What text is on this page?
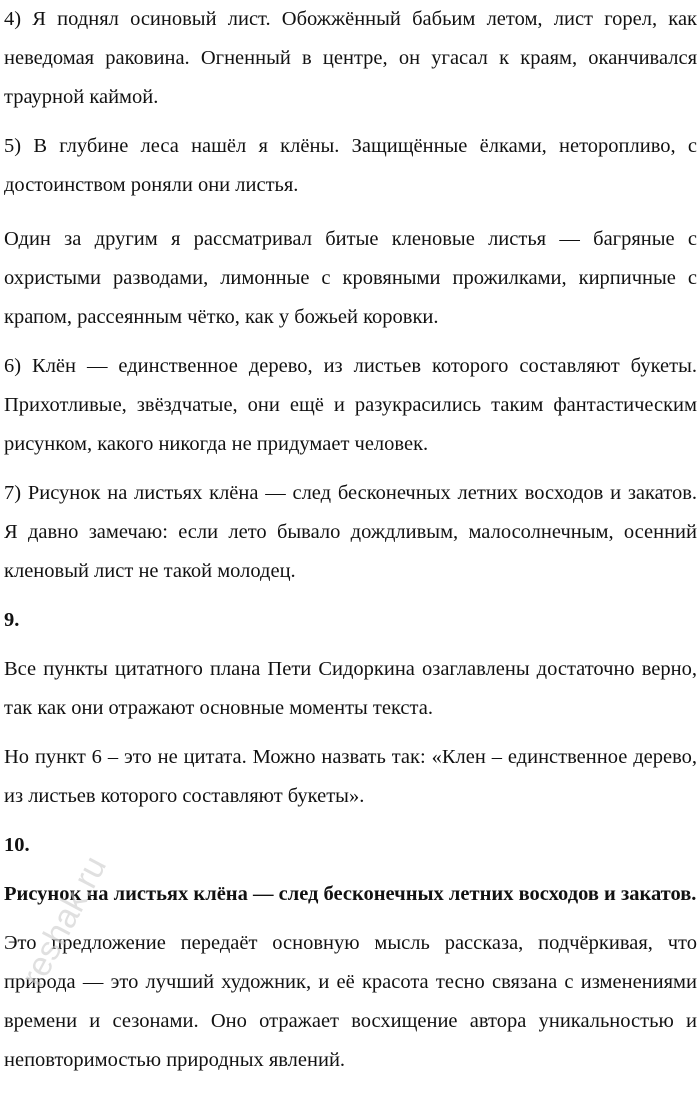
4) Я поднял осиновый лист. Обожжённый бабьим летом, лист горел, как неведомая раковина. Огненный в центре, он угасал к краям, оканчивался траурной каймой.

5) В глубине леса нашёл я клёны. Защищённые ёлками, неторопливо, с достоинством роняли они листья.

Один за другим я рассматривал битые кленовые листья — багряные с охристыми разводами, лимонные с кровяными прожилками, кирпичные с крапом, рассеянным чётко, как у божьей коровки.

6) Клён — единственное дерево, из листьев которого составляют букеты. Прихотливые, звёздчатые, они ещё и разукрасились таким фантастическим рисунком, какого никогда не придумает человек.

7) Рисунок на листьях клёна — след бесконечных летних восходов и закатов. Я давно замечаю: если лето бывало дождливым, малосолнечным, осенний кленовый лист не такой молодец.

9.

Все пункты цитатного плана Пети Сидоркина озаглавлены достаточно верно, так как они отражают основные моменты текста.

Но пункт 6 – это не цитата. Можно назвать так: «Клен – единственное дерево, из листьев которого составляют букеты».

10.

Рисунок на листьях клёна — след бесконечных летних восходов и закатов.

Это предложение передаёт основную мысль рассказа, подчёркивая, что природа — это лучший художник, и её красота тесно связана с изменениями времени и сезонами. Оно отражает восхищение автора уникальностью и неповторимостью природных явлений.

reshak.ru
